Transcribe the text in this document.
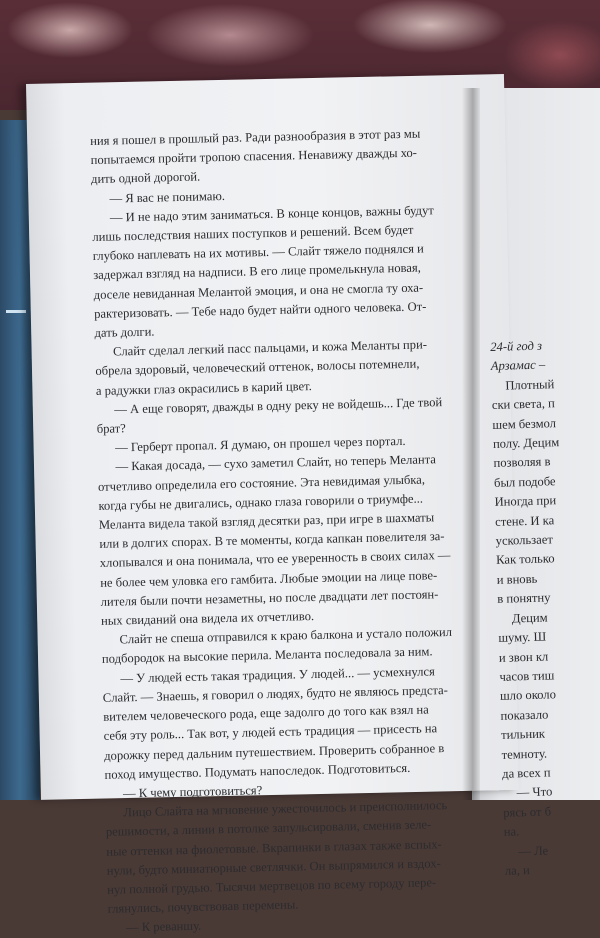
ния я пошел в прошлый раз. Ради разнообразия в этот раз мы
попытаемся пройти тропою спасения. Ненавижу дважды хо-
дить одной дорогой.
— Я вас не понимаю.
— И не надо этим заниматься. В конце концов, важны будут
лишь последствия наших поступков и решений. Всем будет
глубоко наплевать на их мотивы. — Слайт тяжело поднялся и
задержал взгляд на надписи. В его лице промелькнула новая,
доселе невиданная Мелантой эмоция, и она не смогла ту оха-
рактеризовать. — Тебе надо будет найти одного человека. От-
дать долги.
Слайт сделал легкий пасс пальцами, и кожа Меланты при-
обрела здоровый, человеческий оттенок, волосы потемнели,
а радужки глаз окрасились в карий цвет.
— А еще говорят, дважды в одну реку не войдешь... Где твой
брат?
— Герберт пропал. Я думаю, он прошел через портал.
— Какая досада, — сухо заметил Слайт, но теперь Меланта
отчетливо определила его состояние. Эта невидимая улыбка,
когда губы не двигались, однако глаза говорили о триумфе...
Меланта видела такой взгляд десятки раз, при игре в шахматы
или в долгих спорах. В те моменты, когда капкан повелителя за-
хлопывался и она понимала, что ее уверенность в своих силах —
не более чем уловка его гамбита. Любые эмоции на лице пове-
лителя были почти незаметны, но после двадцати лет постоян-
ных свиданий она видела их отчетливо.
Слайт не спеша отправился к краю балкона и устало положил
подбородок на высокие перила. Меланта последовала за ним.
— У людей есть такая традиция. У людей... — усмехнулся
Слайт. — Знаешь, я говорил о людях, будто не являюсь предста-
вителем человеческого рода, еще задолго до того как взял на
себя эту роль... Так вот, у людей есть традиция — присесть на
дорожку перед дальним путешествием. Проверить собранное в
поход имущество. Подумать напоследок. Подготовиться.
— К чему подготовиться?
Лицо Слайта на мгновение ужесточилось и преисполнилось
решимости, а линии в потолке запульсировали, сменив зеле-
ные оттенки на фиолетовые. Вкрапинки в глазах также вспых-
нули, будто миниатюрные светлячки. Он выпрямился и вздох-
нул полной грудью. Тысячи мертвецов по всему городу пере-
глянулись, почувствовав перемены.
— К реваншу.
24-й год з
Арзамас –
Плотный
ски света, п
шем безмол
полу. Децим
позволяя в
был подобе
Иногда при
стене. И ка
ускользает
Как только
и вновь
в понятну
Децим
шуму. Ш
и звон кл
часов тиш
шло около
показало
тильник
темноту.
да всех п
— Что
рясь от б
на.
— Ле
ла, и
